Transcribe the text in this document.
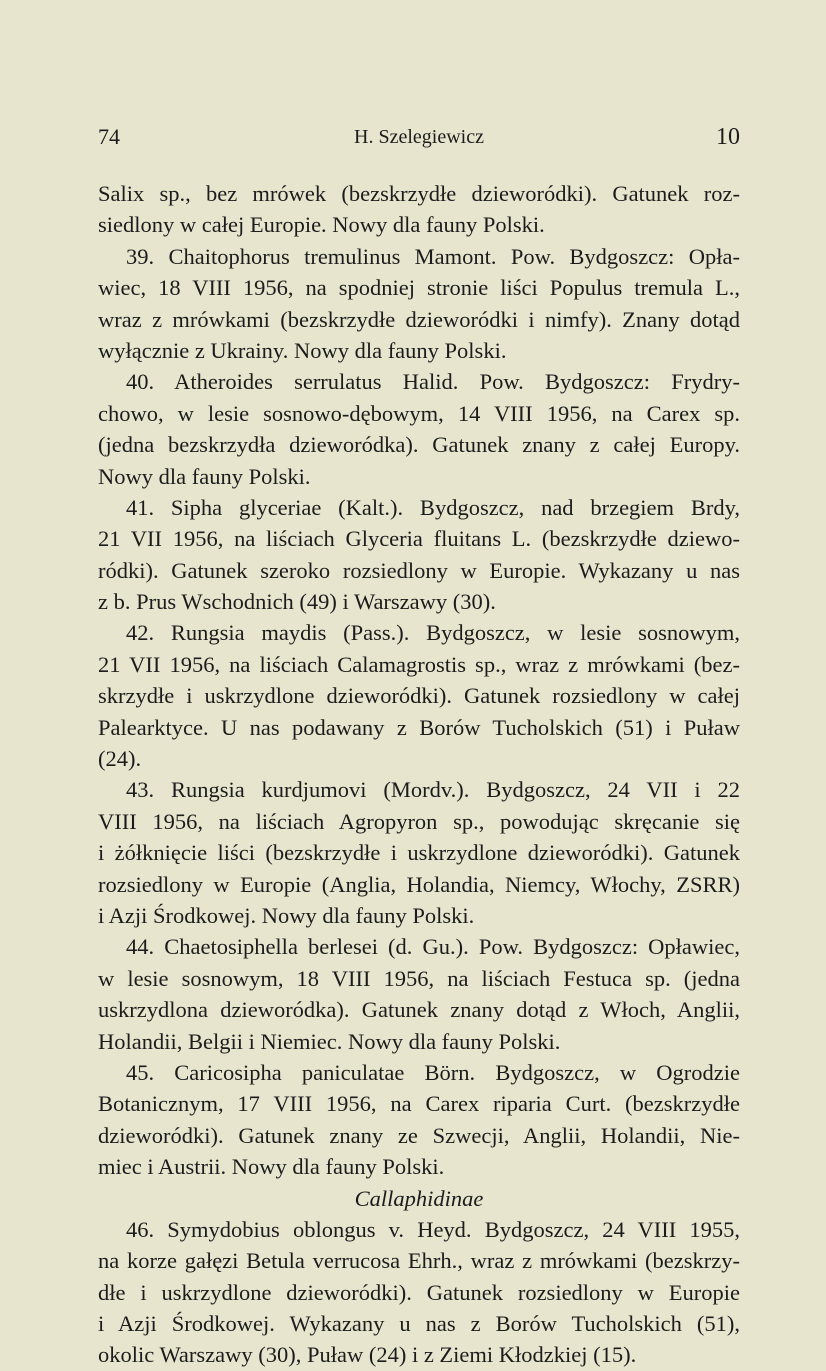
74	H. Szelegiewicz	10
Salix sp., bez mrówek (bezskrzydłe dzieworódki). Gatunek roz-
siedlony w całej Europie. Nowy dla fauny Polski.
39. Chaitophorus tremulinus Mamont. Pow. Bydgoszcz: Opła-
wiec, 18 VIII 1956, na spodniej stronie liści Populus tremula L.,
wraz z mrówkami (bezskrzydłe dzieworódki i nimfy). Znany dotąd
wyłącznie z Ukrainy. Nowy dla fauny Polski.
40. Atheroides serrulatus Halid. Pow. Bydgoszcz: Frydry-
chowo, w lesie sosnowo-dębowym, 14 VIII 1956, na Carex sp.
(jedna bezskrzydła dzieworódka). Gatunek znany z całej Europy.
Nowy dla fauny Polski.
41. Sipha glyceriae (Kalt.). Bydgoszcz, nad brzegiem Brdy,
21 VII 1956, na liściach Glyceria fluitans L. (bezskrzydłe dziewo-
ródki). Gatunek szeroko rozsiedlony w Europie. Wykazany u nas
z b. Prus Wschodnich (49) i Warszawy (30).
42. Rungsia maydis (Pass.). Bydgoszcz, w lesie sosnowym,
21 VII 1956, na liściach Calamagrostis sp., wraz z mrówkami (bez-
skrzydłe i uskrzydlone dzieworódki). Gatunek rozsiedlony w całej
Palearktyce. U nas podawany z Borów Tucholskich (51) i Puław
(24).
43. Rungsia kurdjumovi (Mordv.). Bydgoszcz, 24 VII i 22
VIII 1956, na liściach Agropyron sp., powodując skręcanie się
i żółknięcie liści (bezskrzydłe i uskrzydlone dzieworódki). Gatunek
rozsiedlony w Europie (Anglia, Holandia, Niemcy, Włochy, ZSRR)
i Azji Środkowej. Nowy dla fauny Polski.
44. Chaetosiphella berlesei (d. Gu.). Pow. Bydgoszcz: Opławiec,
w lesie sosnowym, 18 VIII 1956, na liściach Festuca sp. (jedna
uskrzydlona dzieworódka). Gatunek znany dotąd z Włoch, Anglii,
Holandii, Belgii i Niemiec. Nowy dla fauny Polski.
45. Caricosipha paniculatae Börn. Bydgoszcz, w Ogrodzie
Botanicznym, 17 VIII 1956, na Carex riparia Curt. (bezskrzydłe
dzieworódki). Gatunek znany ze Szwecji, Anglii, Holandii, Nie-
miec i Austrii. Nowy dla fauny Polski.
Callaphidinae
46. Symydobius oblongus v. Heyd. Bydgoszcz, 24 VIII 1955,
na korze gałęzi Betula verrucosa Ehrh., wraz z mrówkami (bezskrzy-
dłe i uskrzydlone dzieworódki). Gatunek rozsiedlony w Europie
i Azji Środkowej. Wykazany u nas z Borów Tucholskich (51),
okolic Warszawy (30), Puław (24) i z Ziemi Kłodzkiej (15).
